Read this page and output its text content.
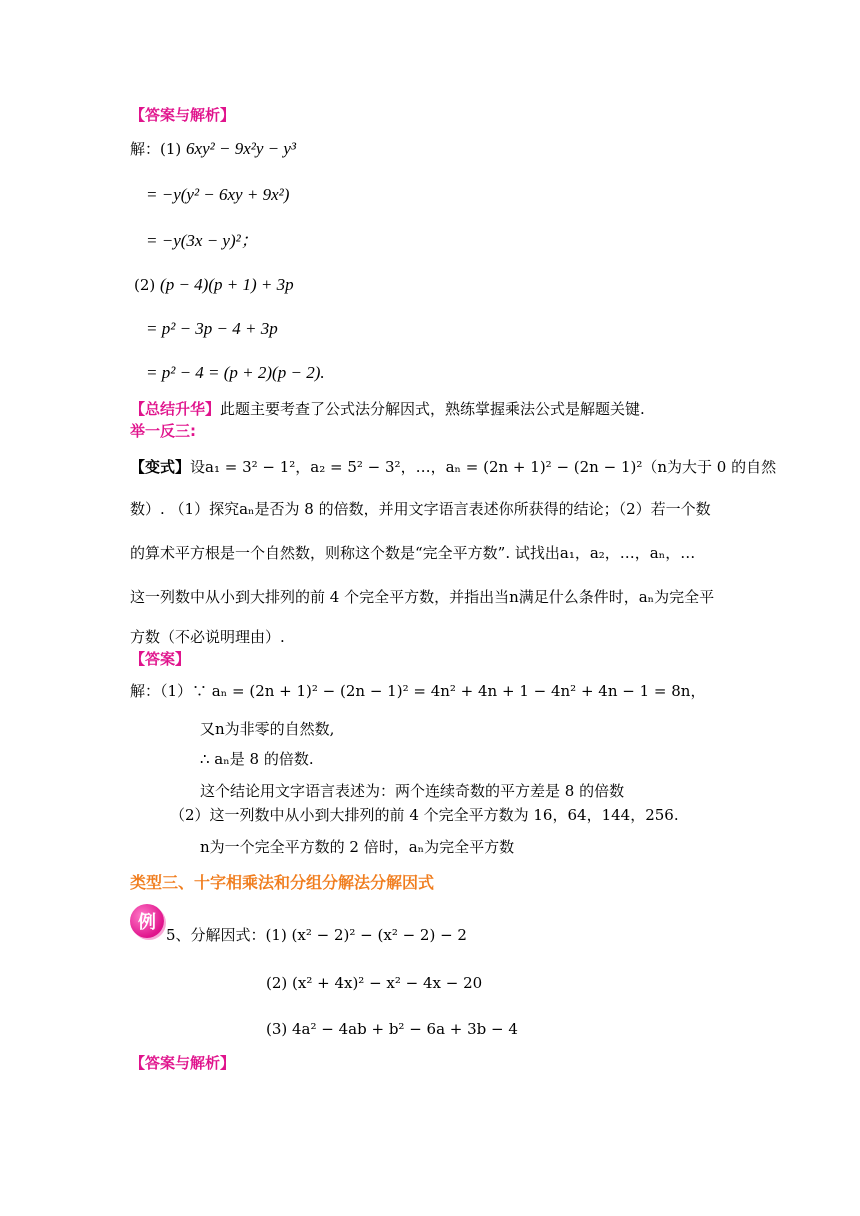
【答案与解析】
解：(1) 6xy² − 9x²y − y³
= −y(y² − 6xy + 9x²)
= −y(3x − y)²；
(2) (p − 4)(p + 1) + 3p
= p² − 3p − 4 + 3p
= p² − 4 = (p + 2)(p − 2).
【总结升华】此题主要考查了公式法分解因式，熟练掌握乘法公式是解题关键.
举一反三:
【变式】设a₁ = 3² − 1²，a₂ = 5² − 3²，…，aₙ = (2n + 1)² − (2n − 1)²（n为大于 0 的自然
数）. （1）探究aₙ是否为 8 的倍数，并用文字语言表述你所获得的结论；（2）若一个数
的算术平方根是一个自然数，则称这个数是“完全平方数”. 试找出a₁，a₂，…，aₙ，…
这一列数中从小到大排列的前 4 个完全平方数，并指出当n满足什么条件时，aₙ为完全平
方数（不必说明理由）.
【答案】
解：（1）∵ aₙ = (2n + 1)² − (2n − 1)² = 4n² + 4n + 1 − 4n² + 4n − 1 = 8n，
又n为非零的自然数,
∴ aₙ是 8 的倍数.
这个结论用文字语言表述为：两个连续奇数的平方差是 8 的倍数
（2）这一列数中从小到大排列的前 4 个完全平方数为 16，64，144，256.
n为一个完全平方数的 2 倍时，aₙ为完全平方数
类型三、十字相乘法和分组分解法分解因式
例
5、分解因式：(1) (x² − 2)² − (x² − 2) − 2
(2) (x² + 4x)² − x² − 4x − 20
(3) 4a² − 4ab + b² − 6a + 3b − 4
【答案与解析】
